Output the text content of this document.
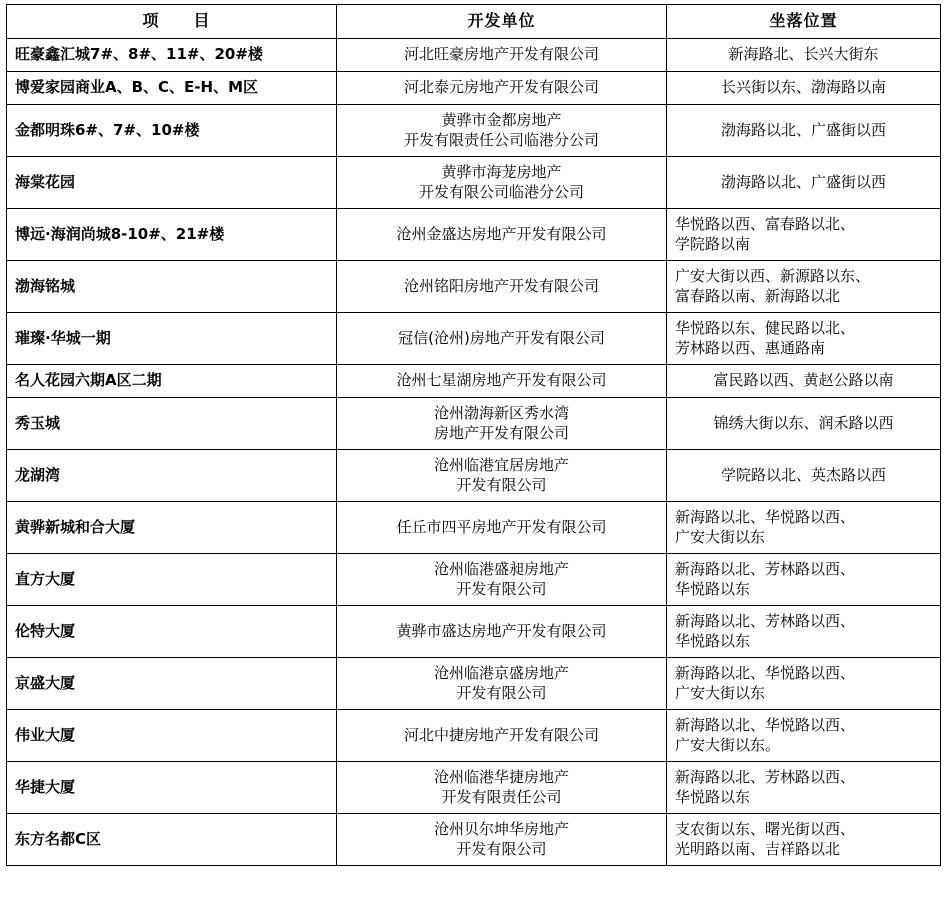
项　　目	开发单位	坐落位置

旺豪鑫汇城7#、8#、11#、20#楼	河北旺豪房地产开发有限公司	新海路北、长兴大街东

博爱家园商业A、B、C、E-H、M区	河北泰元房地产开发有限公司	长兴街以东、渤海路以南

金都明珠6#、7#、10#楼	黄骅市金都房地产
开发有限责任公司临港分公司	渤海路以北、广盛街以西

海棠花园	黄骅市海茏房地产
开发有限公司临港分公司	渤海路以北、广盛街以西

博远·海润尚城8-10#、21#楼	沧州金盛达房地产开发有限公司	华悦路以西、富春路以北、
学院路以南

渤海铭城	沧州铭阳房地产开发有限公司	广安大街以西、新源路以东、
富春路以南、新海路以北

璀璨·华城一期	冠信(沧州)房地产开发有限公司	华悦路以东、健民路以北、
芳林路以西、惠通路南

名人花园六期A区二期	沧州七星湖房地产开发有限公司	富民路以西、黄赵公路以南

秀玉城	沧州渤海新区秀水湾
房地产开发有限公司	锦绣大街以东、润禾路以西

龙湖湾	沧州临港宜居房地产
开发有限公司	学院路以北、英杰路以西

黄骅新城和合大厦	任丘市四平房地产开发有限公司	新海路以北、华悦路以西、
广安大街以东

直方大厦	沧州临港盛昶房地产
开发有限公司	新海路以北、芳林路以西、
华悦路以东

伦特大厦	黄骅市盛达房地产开发有限公司	新海路以北、芳林路以西、
华悦路以东

京盛大厦	沧州临港京盛房地产
开发有限公司	新海路以北、华悦路以西、
广安大街以东

伟业大厦	河北中捷房地产开发有限公司	新海路以北、华悦路以西、
广安大街以东。

华捷大厦	沧州临港华捷房地产
开发有限责任公司	新海路以北、芳林路以西、
华悦路以东

东方名都C区	沧州贝尔坤华房地产
开发有限公司	支农街以东、曙光街以西、
光明路以南、吉祥路以北
